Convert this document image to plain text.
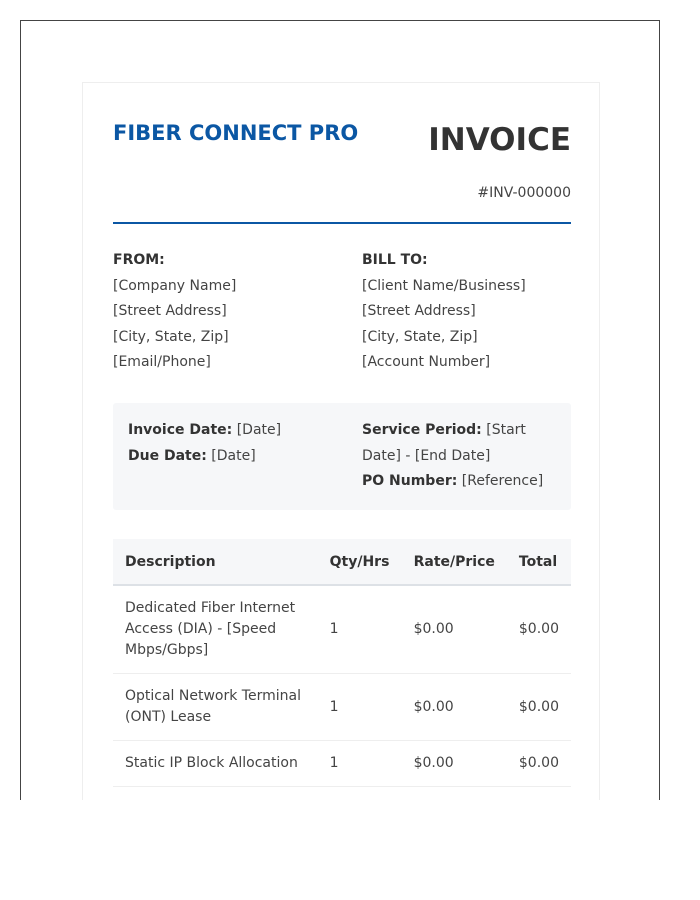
FIBER CONNECT PRO INVOICE
#INV-000000
FROM:
[Company Name]
[Street Address]
[City, State, Zip]
[Email/Phone]
BILL TO:
[Client Name/Business]
[Street Address]
[City, State, Zip]
[Account Number]
Invoice Date: [Date]
Due Date: [Date]
Service Period: [Start Date] - [End Date]
PO Number: [Reference]
Description	Qty/Hrs	Rate/Price	Total
Dedicated Fiber Internet Access (DIA) - [Speed Mbps/Gbps]	1	$0.00	$0.00
Optical Network Terminal (ONT) Lease	1	$0.00	$0.00
Static IP Block Allocation	1	$0.00	$0.00
